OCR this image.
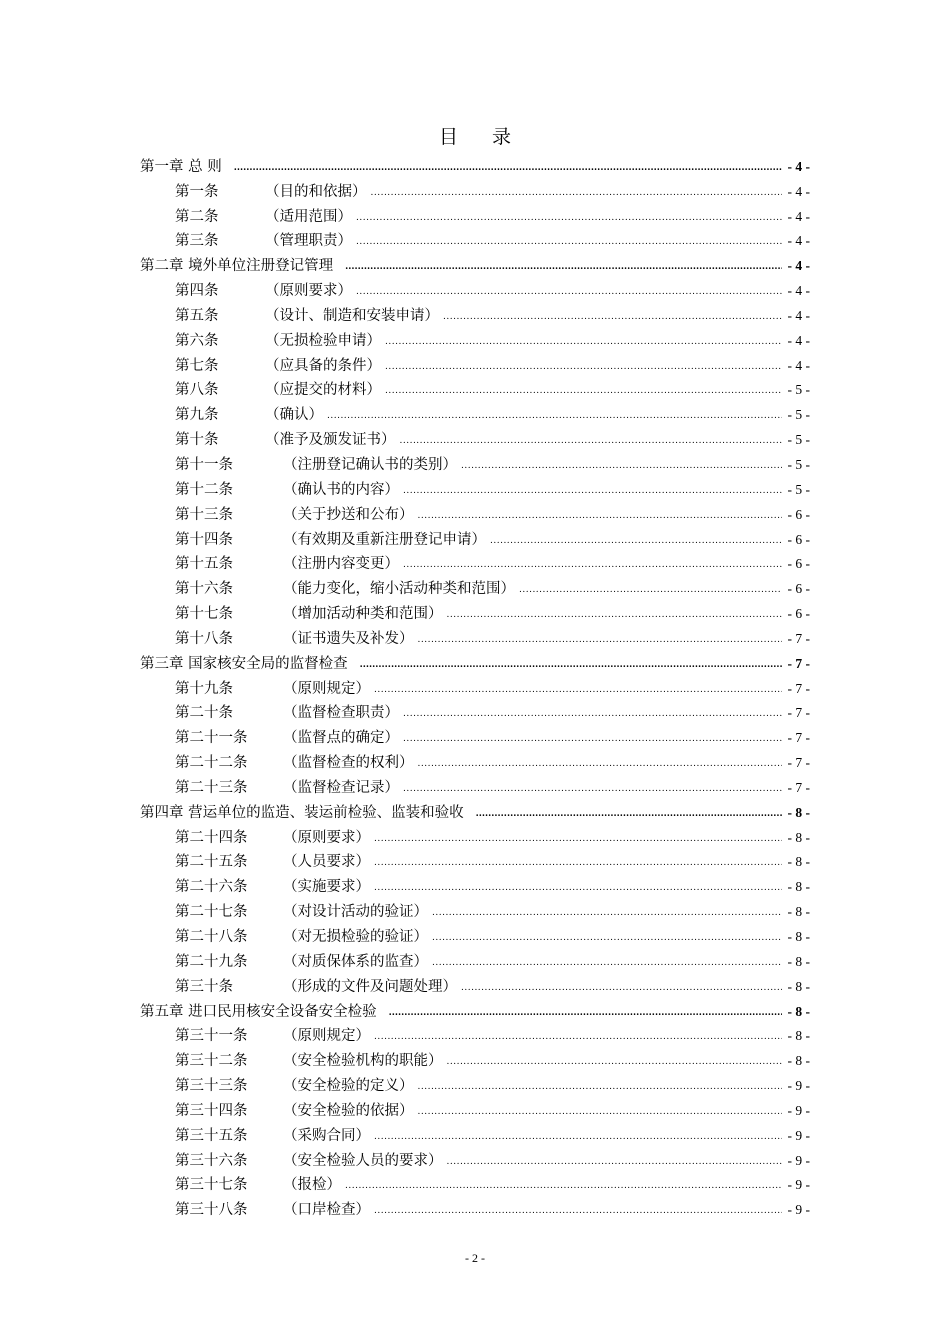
目录
第一章 总 则 .....	- 4 -
第一条	（目的和依据） .....	- 4 -
第二条	（适用范围） .....	- 4 -
第三条	（管理职责） .....	- 4 -
第二章 境外单位注册登记管理 .....	- 4 -
第四条	（原则要求） .....	- 4 -
第五条	（设计、制造和安装申请） .....	- 4 -
第六条	（无损检验申请） .....	- 4 -
第七条	（应具备的条件） .....	- 4 -
第八条	（应提交的材料） .....	- 5 -
第九条	（确认） .....	- 5 -
第十条	（准予及颁发证书） .....	- 5 -
第十一条	（注册登记确认书的类别） .....	- 5 -
第十二条	（确认书的内容） .....	- 5 -
第十三条	（关于抄送和公布） .....	- 6 -
第十四条	（有效期及重新注册登记申请） .....	- 6 -
第十五条	（注册内容变更） .....	- 6 -
第十六条	（能力变化，缩小活动种类和范围） .....	- 6 -
第十七条	（增加活动种类和范围） .....	- 6 -
第十八条	（证书遗失及补发） .....	- 7 -
第三章 国家核安全局的监督检查 .....	- 7 -
第十九条	（原则规定） .....	- 7 -
第二十条	（监督检查职责） .....	- 7 -
第二十一条	（监督点的确定） .....	- 7 -
第二十二条	（监督检查的权利） .....	- 7 -
第二十三条	（监督检查记录） .....	- 7 -
第四章 营运单位的监造、装运前检验、监装和验收 .....	- 8 -
第二十四条	（原则要求） .....	- 8 -
第二十五条	（人员要求） .....	- 8 -
第二十六条	（实施要求） .....	- 8 -
第二十七条	（对设计活动的验证） .....	- 8 -
第二十八条	（对无损检验的验证） .....	- 8 -
第二十九条	（对质保体系的监查） .....	- 8 -
第三十条	（形成的文件及问题处理） .....	- 8 -
第五章 进口民用核安全设备安全检验 .....	- 8 -
第三十一条	（原则规定） .....	- 8 -
第三十二条	（安全检验机构的职能） .....	- 8 -
第三十三条	（安全检验的定义） .....	- 9 -
第三十四条	（安全检验的依据） .....	- 9 -
第三十五条	（采购合同） .....	- 9 -
第三十六条	（安全检验人员的要求） .....	- 9 -
第三十七条	（报检） .....	- 9 -
第三十八条	（口岸检查） .....	- 9 -
- 2 -
